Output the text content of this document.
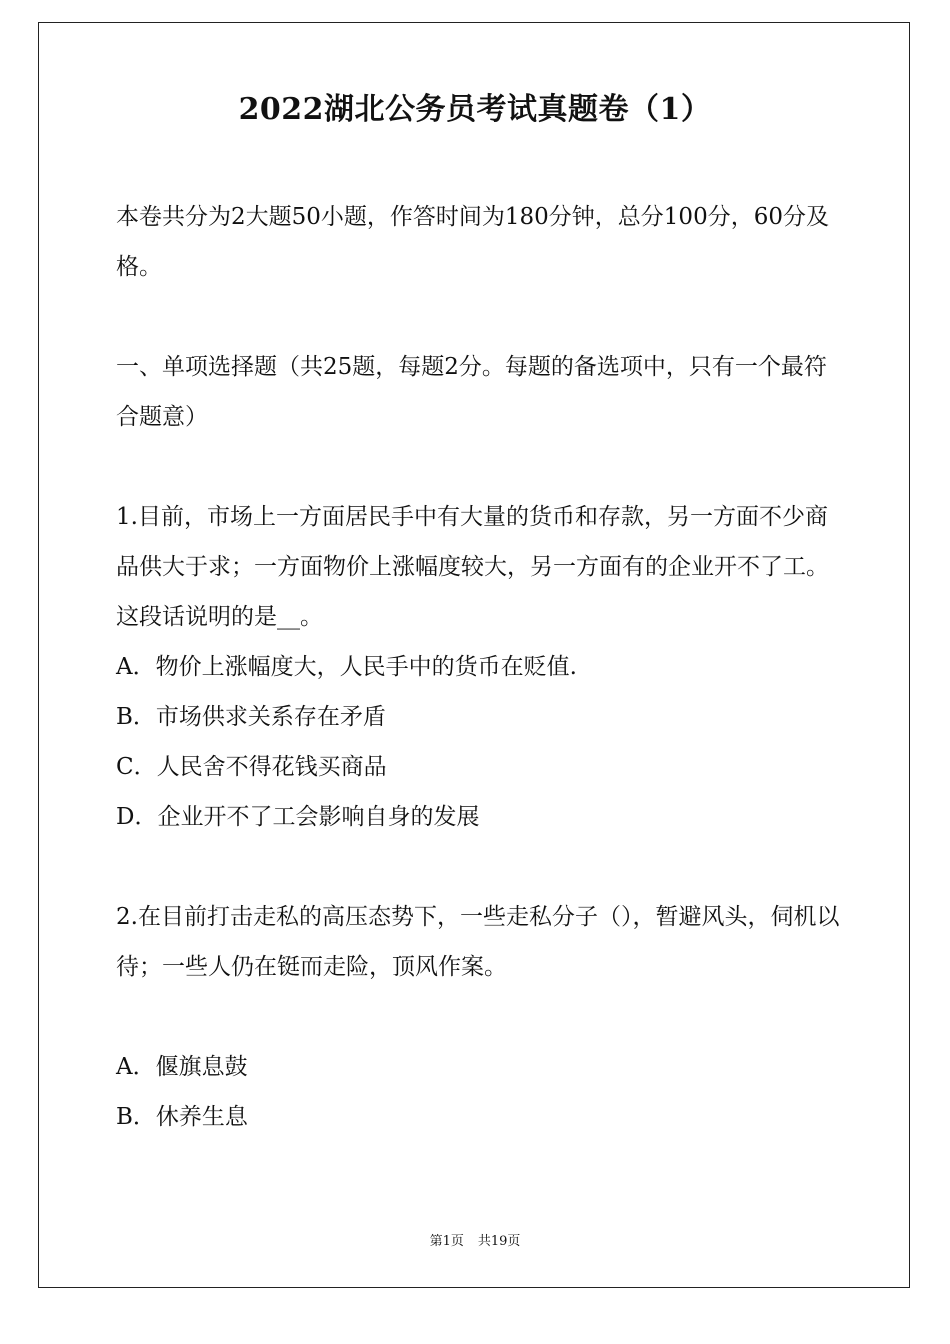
2022湖北公务员考试真题卷（1）

本卷共分为2大题50小题，作答时间为180分钟，总分100分，60分及格。

一、单项选择题（共25题，每题2分。每题的备选项中，只有一个最符合题意）

1.目前，市场上一方面居民手中有大量的货币和存款，另一方面不少商品供大于求；一方面物价上涨幅度较大，另一方面有的企业开不了工。　这段话说明的是__。

A．物价上涨幅度大，人民手中的货币在贬值.

B．市场供求关系存在矛盾

C．人民舍不得花钱买商品

D．企业开不了工会影响自身的发展

2.在目前打击走私的高压态势下，一些走私分子（），暂避风头，伺机以待；一些人仍在铤而走险，顶风作案。

A．偃旗息鼓

B．休养生息

第1页 共19页
